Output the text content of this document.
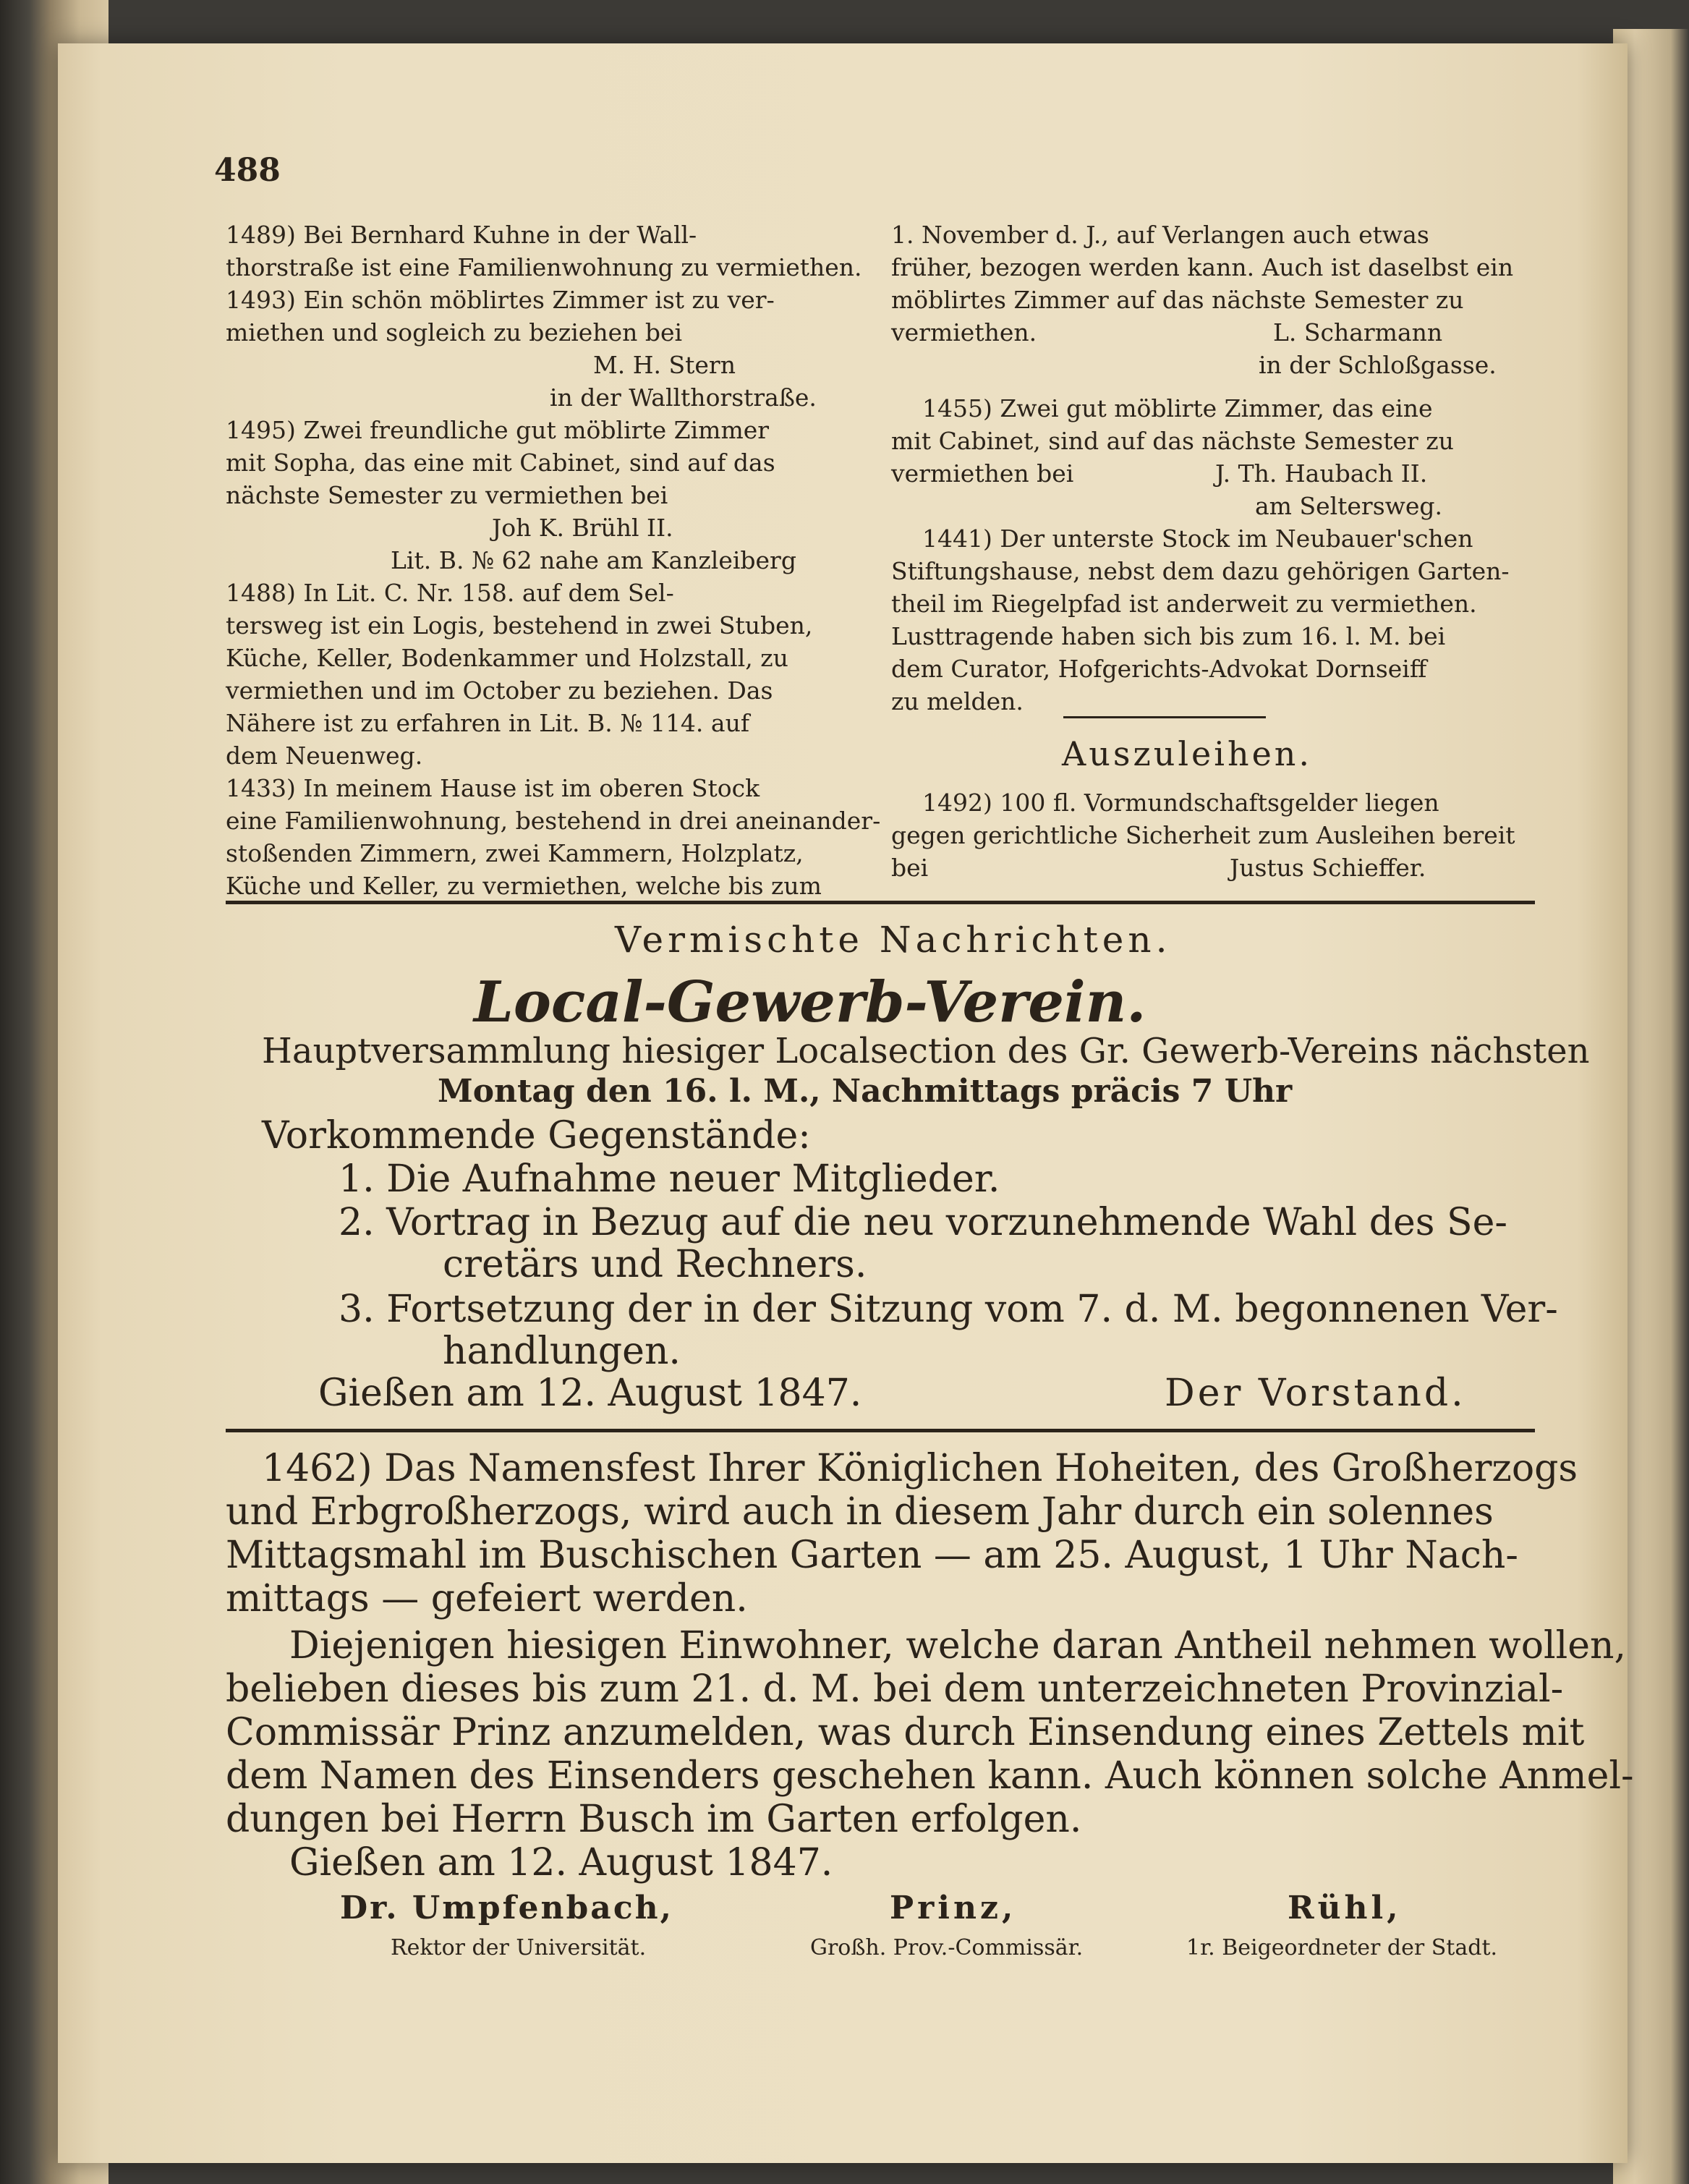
488
1489) Bei Bernhard Kuhne in der Wall-
thorstraße ist eine Familienwohnung zu vermiethen.
1493) Ein schön möblirtes Zimmer ist zu ver-
miethen und sogleich zu beziehen bei
M. H. Stern
in der Wallthorstraße.
1495) Zwei freundliche gut möblirte Zimmer
mit Sopha, das eine mit Cabinet, sind auf das
nächste Semester zu vermiethen bei
Joh K. Brühl II.
Lit. B. № 62 nahe am Kanzleiberg
1488) In Lit. C. Nr. 158. auf dem Sel-
tersweg ist ein Logis, bestehend in zwei Stuben,
Küche, Keller, Bodenkammer und Holzstall, zu
vermiethen und im October zu beziehen. Das
Nähere ist zu erfahren in Lit. B. № 114. auf
dem Neuenweg.
1433) In meinem Hause ist im oberen Stock
eine Familienwohnung, bestehend in drei aneinander-
stoßenden Zimmern, zwei Kammern, Holzplatz,
Küche und Keller, zu vermiethen, welche bis zum
1. November d. J., auf Verlangen auch etwas
früher, bezogen werden kann. Auch ist daselbst ein
möblirtes Zimmer auf das nächste Semester zu
vermiethen.	L. Scharmann
in der Schloßgasse.
1455) Zwei gut möblirte Zimmer, das eine
mit Cabinet, sind auf das nächste Semester zu
vermiethen bei	J. Th. Haubach II.
am Seltersweg.
1441) Der unterste Stock im Neubauer'schen
Stiftungshause, nebst dem dazu gehörigen Garten-
theil im Riegelpfad ist anderweit zu vermiethen.
Lusttragende haben sich bis zum 16. l. M. bei
dem Curator, Hofgerichts-Advokat Dornseiff
zu melden.
Auszuleihen.
1492) 100 fl. Vormundschaftsgelder liegen
gegen gerichtliche Sicherheit zum Ausleihen bereit
bei	Justus Schieffer.
Vermischte Nachrichten.
Local-Gewerb-Verein.
Hauptversammlung hiesiger Localsection des Gr. Gewerb-Vereins nächsten
Montag den 16. l. M., Nachmittags präcis 7 Uhr
Vorkommende Gegenstände:
1. Die Aufnahme neuer Mitglieder.
2. Vortrag in Bezug auf die neu vorzunehmende Wahl des Se-
cretärs und Rechners.
3. Fortsetzung der in der Sitzung vom 7. d. M. begonnenen Ver-
handlungen.
Gießen am 12. August 1847.	Der Vorstand.
1462) Das Namensfest Ihrer Königlichen Hoheiten, des Großherzogs
und Erbgroßherzogs, wird auch in diesem Jahr durch ein solennes
Mittagsmahl im Buschischen Garten — am 25. August, 1 Uhr Nach-
mittags — gefeiert werden.
Diejenigen hiesigen Einwohner, welche daran Antheil nehmen wollen,
belieben dieses bis zum 21. d. M. bei dem unterzeichneten Provinzial-
Commissär Prinz anzumelden, was durch Einsendung eines Zettels mit
dem Namen des Einsenders geschehen kann. Auch können solche Anmel-
dungen bei Herrn Busch im Garten erfolgen.
Gießen am 12. August 1847.
Dr. Umpfenbach,	Prinz,	Rühl,
Rektor der Universität.	Großh. Prov.-Commissär.	1r. Beigeordneter der Stadt.
